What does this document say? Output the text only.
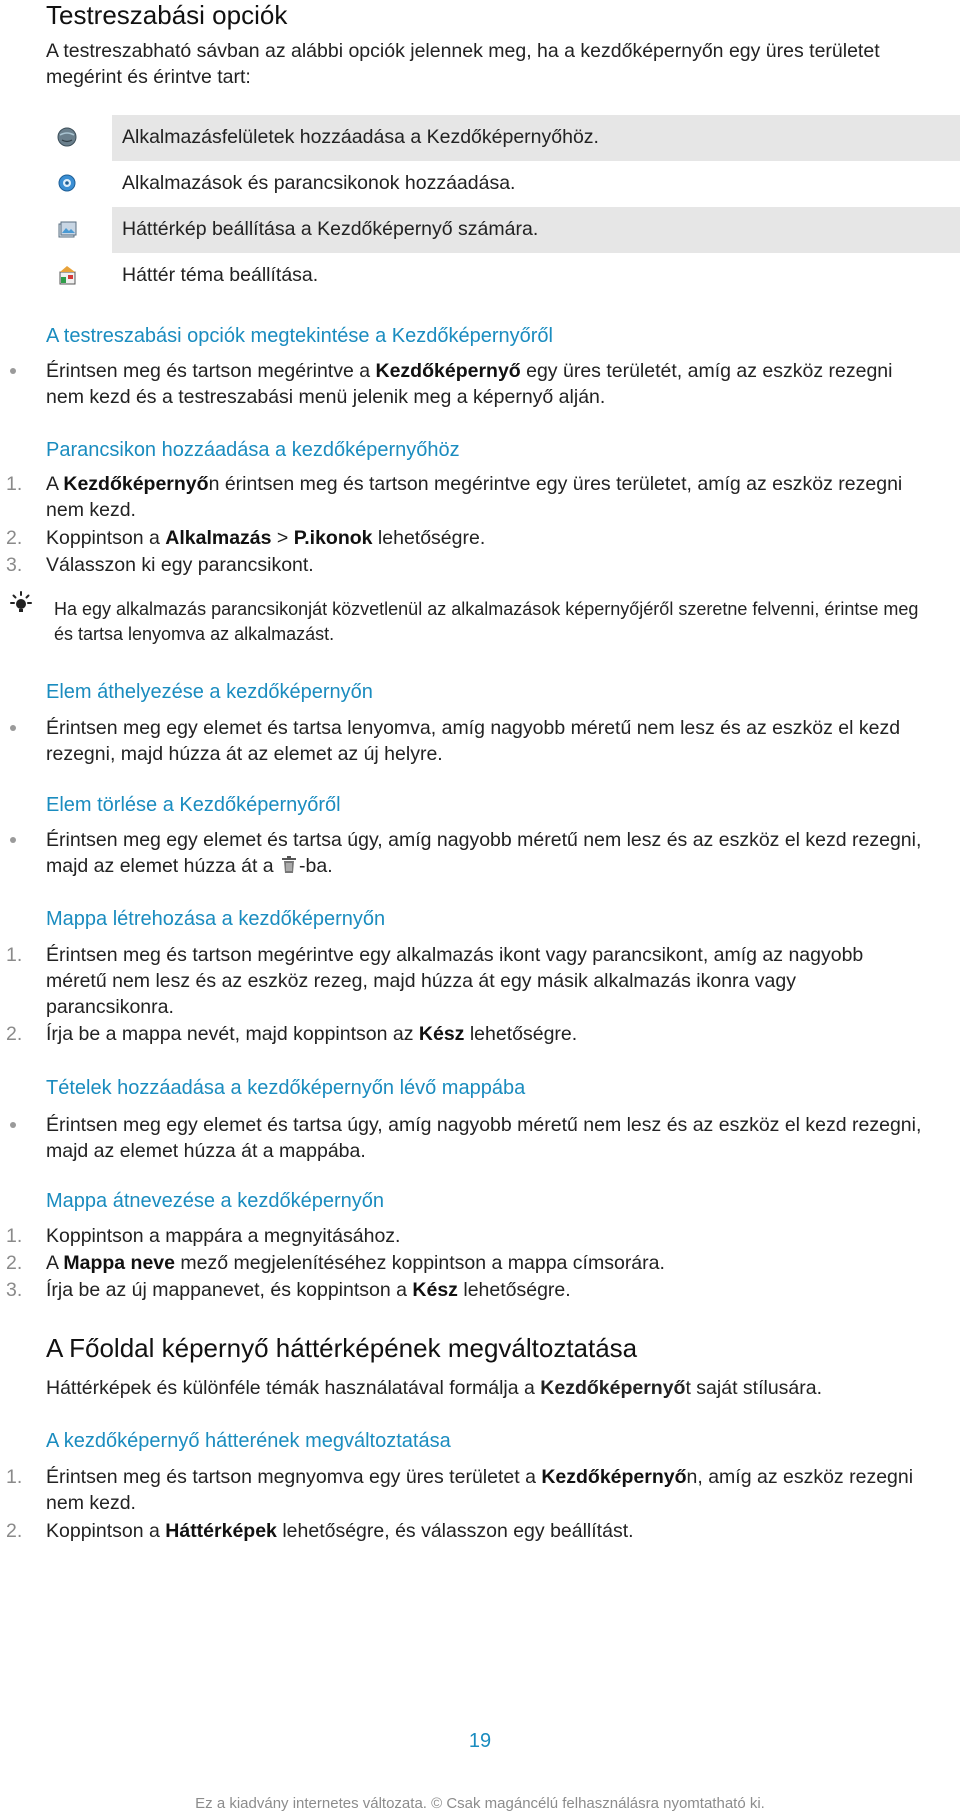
Testreszabási opciók
A testreszabható sávban az alábbi opciók jelennek meg, ha a kezdőképernyőn egy üres területet megérint és érintve tart:
Alkalmazásfelületek hozzáadása a Kezdőképernyőhöz.
Alkalmazások és parancsikonok hozzáadása.
Háttérkép beállítása a Kezdőképernyő számára.
Háttér téma beállítása.
A testreszabási opciók megtekintése a Kezdőképernyőről
Érintsen meg és tartson megérintve a Kezdőképernyő egy üres területét, amíg az eszköz rezegni nem kezd és a testreszabási menü jelenik meg a képernyő alján.
Parancsikon hozzáadása a kezdőképernyőhöz
1. A Kezdőképernyőn érintsen meg és tartson megérintve egy üres területet, amíg az eszköz rezegni nem kezd.
2. Koppintson a Alkalmazás > P.ikonok lehetőségre.
3. Válasszon ki egy parancsikont.
Ha egy alkalmazás parancsikonját közvetlenül az alkalmazások képernyőjéről szeretne felvenni, érintse meg és tartsa lenyomva az alkalmazást.
Elem áthelyezése a kezdőképernyőn
Érintsen meg egy elemet és tartsa lenyomva, amíg nagyobb méretű nem lesz és az eszköz el kezd rezegni, majd húzza át az elemet az új helyre.
Elem törlése a Kezdőképernyőről
Érintsen meg egy elemet és tartsa úgy, amíg nagyobb méretű nem lesz és az eszköz el kezd rezegni, majd az elemet húzza át a -ba.
Mappa létrehozása a kezdőképernyőn
1. Érintsen meg és tartson megérintve egy alkalmazás ikont vagy parancsikont, amíg az nagyobb méretű nem lesz és az eszköz rezeg, majd húzza át egy másik alkalmazás ikonra vagy parancsikonra.
2. Írja be a mappa nevét, majd koppintson az Kész lehetőségre.
Tételek hozzáadása a kezdőképernyőn lévő mappába
Érintsen meg egy elemet és tartsa úgy, amíg nagyobb méretű nem lesz és az eszköz el kezd rezegni, majd az elemet húzza át a mappába.
Mappa átnevezése a kezdőképernyőn
1. Koppintson a mappára a megnyitásához.
2. A Mappa neve mező megjelenítéséhez koppintson a mappa címsorára.
3. Írja be az új mappanevet, és koppintson a Kész lehetőségre.
A Főoldal képernyő háttérképének megváltoztatása
Háttérképek és különféle témák használatával formálja a Kezdőképernyőt saját stílusára.
A kezdőképernyő hátterének megváltoztatása
1. Érintsen meg és tartson megnyomva egy üres területet a Kezdőképernyőn, amíg az eszköz rezegni nem kezd.
2. Koppintson a Háttérképek lehetőségre, és válasszon egy beállítást.
19
Ez a kiadvány internetes változata. © Csak magáncélú felhasználásra nyomtatható ki.
